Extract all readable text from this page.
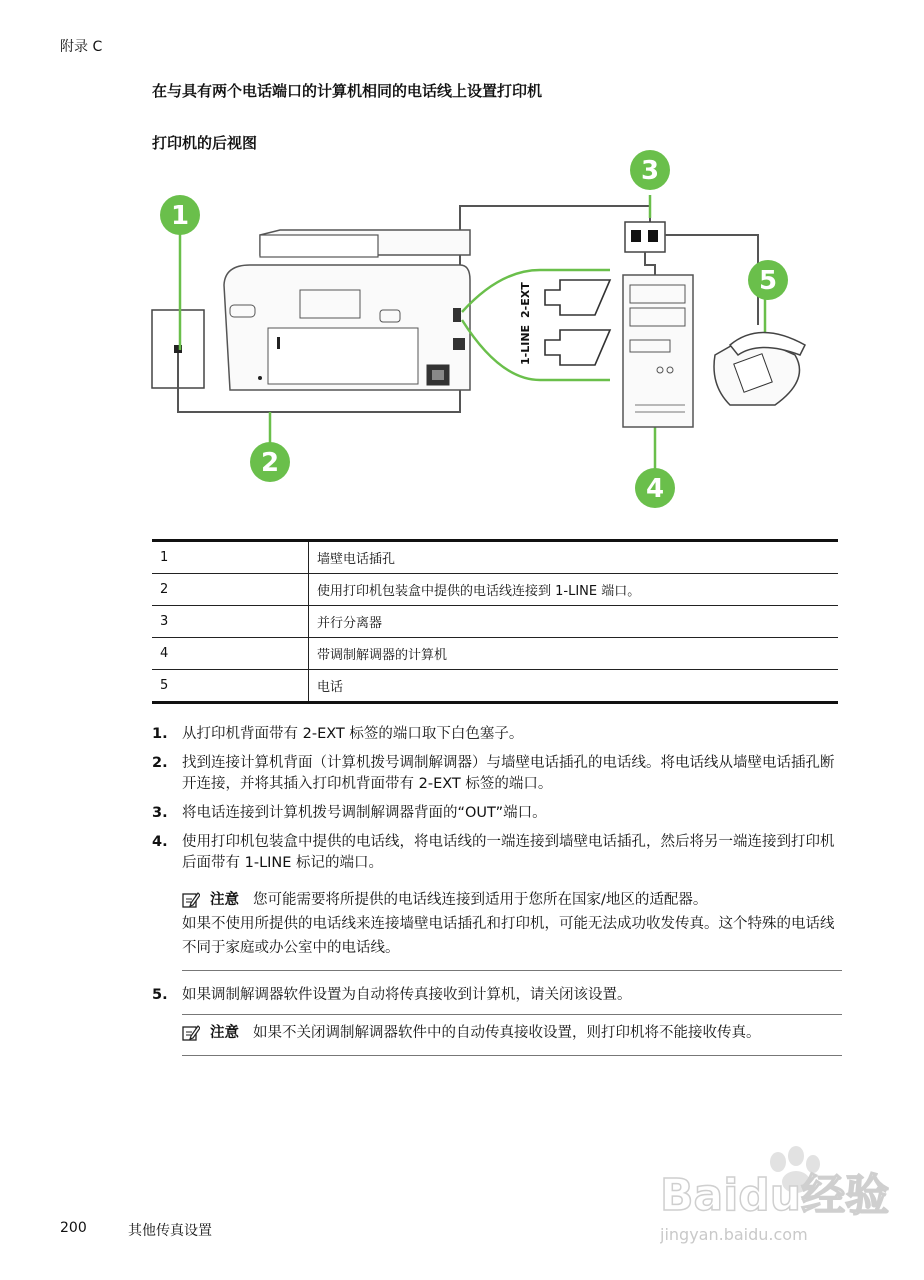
附录 C
在与具有两个电话端口的计算机相同的电话线上设置打印机
打印机的后视图
2-EXT
1-LINE
1
2
3
4
5
1	墙壁电话插孔
2	使用打印机包装盒中提供的电话线连接到 1-LINE 端口。
3	并行分离器
4	带调制解调器的计算机
5	电话
1. 从打印机背面带有 2-EXT 标签的端口取下白色塞子。
2. 找到连接计算机背面（计算机拨号调制解调器）与墙壁电话插孔的电话线。将电话线从墙壁电话插孔断开连接，并将其插入打印机背面带有 2-EXT 标签的端口。
3. 将电话连接到计算机拨号调制解调器背面的“OUT”端口。
4. 使用打印机包装盒中提供的电话线，将电话线的一端连接到墙壁电话插孔，然后将另一端连接到打印机后面带有 1-LINE 标记的端口。
注意 您可能需要将所提供的电话线连接到适用于您所在国家/地区的适配器。
如果不使用所提供的电话线来连接墙壁电话插孔和打印机，可能无法成功收发传真。这个特殊的电话线不同于家庭或办公室中的电话线。
5. 如果调制解调器软件设置为自动将传真接收到计算机，请关闭该设置。
注意 如果不关闭调制解调器软件中的自动传真接收设置，则打印机将不能接收传真。
Baidu经验
jingyan.baidu.com
200	其他传真设置
